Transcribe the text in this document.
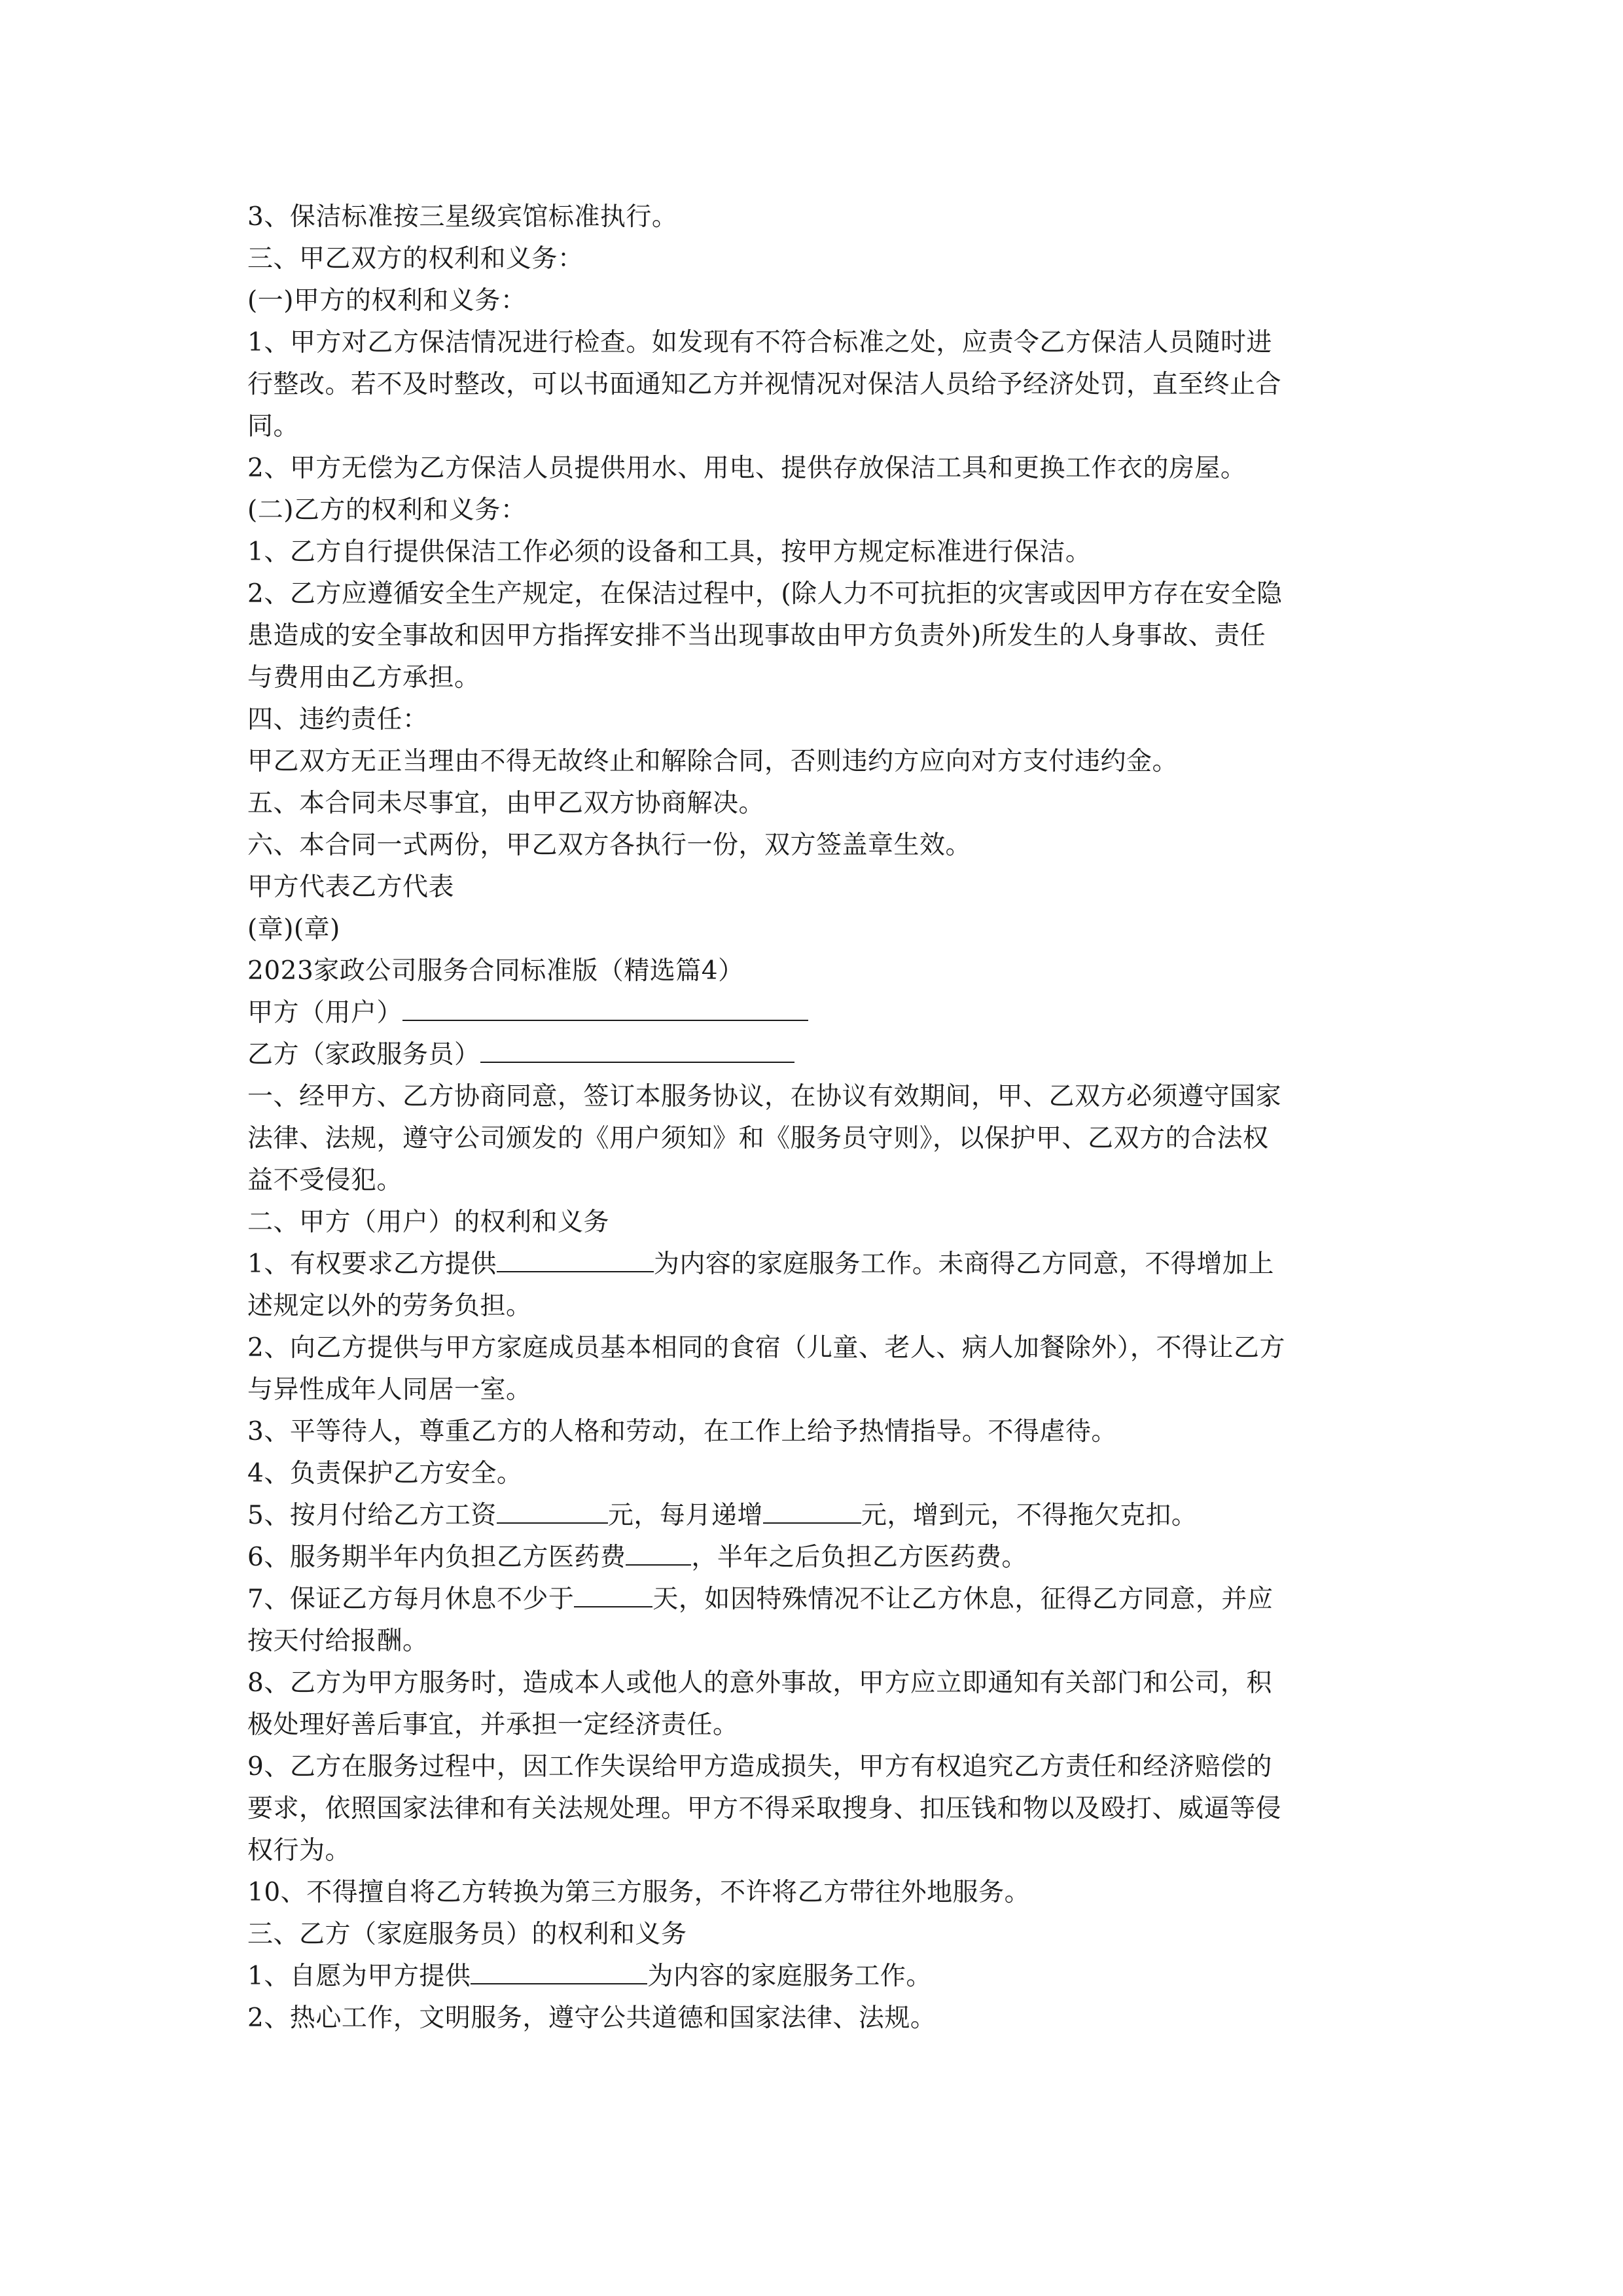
3、保洁标准按三星级宾馆标准执行。
三、甲乙双方的权利和义务：
(一)甲方的权利和义务：
1、甲方对乙方保洁情况进行检查。如发现有不符合标准之处，应责令乙方保洁人员随时进
行整改。若不及时整改，可以书面通知乙方并视情况对保洁人员给予经济处罚，直至终止合
同。
2、甲方无偿为乙方保洁人员提供用水、用电、提供存放保洁工具和更换工作衣的房屋。
(二)乙方的权利和义务：
1、乙方自行提供保洁工作必须的设备和工具，按甲方规定标准进行保洁。
2、乙方应遵循安全生产规定，在保洁过程中，(除人力不可抗拒的灾害或因甲方存在安全隐
患造成的安全事故和因甲方指挥安排不当出现事故由甲方负责外)所发生的人身事故、责任
与费用由乙方承担。
四、违约责任：
甲乙双方无正当理由不得无故终止和解除合同，否则违约方应向对方支付违约金。
五、本合同未尽事宜，由甲乙双方协商解决。
六、本合同一式两份，甲乙双方各执行一份，双方签盖章生效。
甲方代表乙方代表
(章)(章)
2023家政公司服务合同标准版（精选篇4）
甲方（用户）
乙方（家政服务员）
一、经甲方、乙方协商同意，签订本服务协议，在协议有效期间，甲、乙双方必须遵守国家
法律、法规，遵守公司颁发的《用户须知》和《服务员守则》，以保护甲、乙双方的合法权
益不受侵犯。
二、甲方（用户）的权利和义务
1、有权要求乙方提供	为内容的家庭服务工作。未商得乙方同意，不得增加上
述规定以外的劳务负担。
2、向乙方提供与甲方家庭成员基本相同的食宿（儿童、老人、病人加餐除外），不得让乙方
与异性成年人同居一室。
3、平等待人，尊重乙方的人格和劳动，在工作上给予热情指导。不得虐待。
4、负责保护乙方安全。
5、按月付给乙方工资	元，每月递增	元，增到元，不得拖欠克扣。
6、服务期半年内负担乙方医药费	，半年之后负担乙方医药费。
7、保证乙方每月休息不少于	天，如因特殊情况不让乙方休息，征得乙方同意，并应
按天付给报酬。
8、乙方为甲方服务时，造成本人或他人的意外事故，甲方应立即通知有关部门和公司，积
极处理好善后事宜，并承担一定经济责任。
9、乙方在服务过程中，因工作失误给甲方造成损失，甲方有权追究乙方责任和经济赔偿的
要求，依照国家法律和有关法规处理。甲方不得采取搜身、扣压钱和物以及殴打、威逼等侵
权行为。
10、不得擅自将乙方转换为第三方服务，不许将乙方带往外地服务。
三、乙方（家庭服务员）的权利和义务
1、自愿为甲方提供	为内容的家庭服务工作。
2、热心工作，文明服务，遵守公共道德和国家法律、法规。
